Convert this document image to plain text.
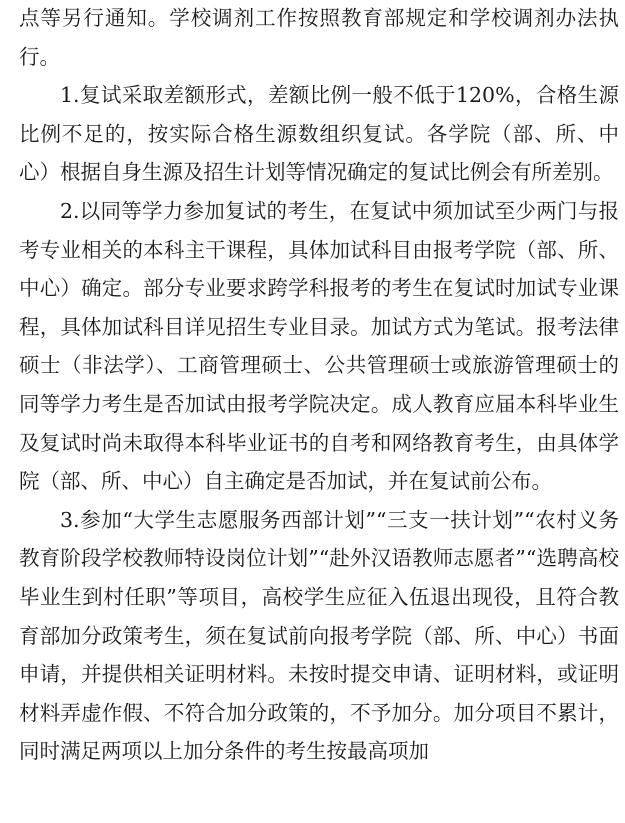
点等另行通知。学校调剂工作按照教育部规定和学校调剂办法执行。

1.复试采取差额形式，差额比例一般不低于120%，合格生源比例不足的，按实际合格生源数组织复试。各学院（部、所、中心）根据自身生源及招生计划等情况确定的复试比例会有所差别。

2.以同等学力参加复试的考生，在复试中须加试至少两门与报考专业相关的本科主干课程，具体加试科目由报考学院（部、所、中心）确定。部分专业要求跨学科报考的考生在复试时加试专业课程，具体加试科目详见招生专业目录。加试方式为笔试。报考法律硕士（非法学）、工商管理硕士、公共管理硕士或旅游管理硕士的同等学力考生是否加试由报考学院决定。成人教育应届本科毕业生及复试时尚未取得本科毕业证书的自考和网络教育考生，由具体学院（部、所、中心）自主确定是否加试，并在复试前公布。

3.参加“大学生志愿服务西部计划”“三支一扶计划”“农村义务教育阶段学校教师特设岗位计划”“赴外汉语教师志愿者”“选聘高校毕业生到村任职”等项目，高校学生应征入伍退出现役，且符合教育部加分政策考生，须在复试前向报考学院（部、所、中心）书面申请，并提供相关证明材料。未按时提交申请、证明材料，或证明材料弄虚作假、不符合加分政策的，不予加分。加分项目不累计，同时满足两项以上加分条件的考生按最高项加
